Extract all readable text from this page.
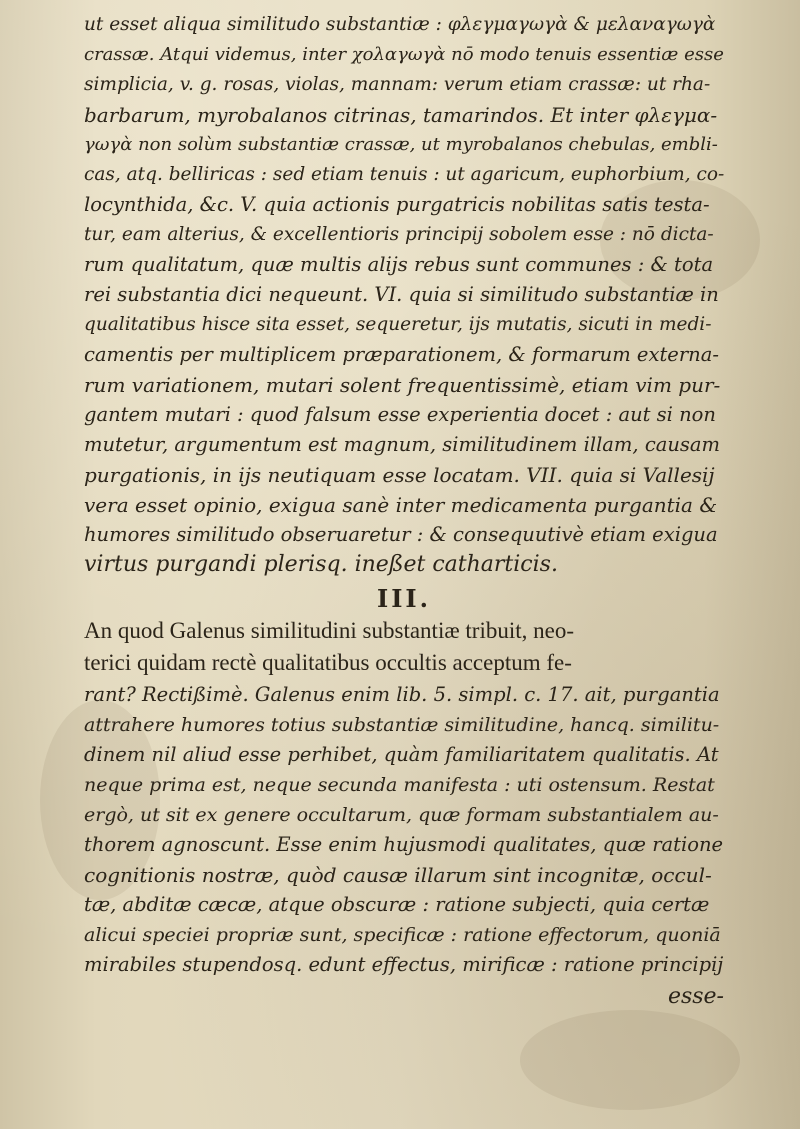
ut esset aliqua similitudo substantiæ : φλεγμαγωγὰ & μελαναγωγὰ
crassæ. Atqui videmus, inter χολαγωγὰ nō modo tenuis essentiæ esse
simplicia, v. g. rosas, violas, mannam: verum etiam crassæ: ut rha-
barbarum, myrobalanos citrinas, tamarindos. Et inter φλεγμα-
γωγὰ non solùm substantiæ crassæ, ut myrobalanos chebulas, embli-
cas, atq. belliricas : sed etiam tenuis : ut agaricum, euphorbium, co-
locynthida, &c. V. quia actionis purgatricis nobilitas satis testa-
tur, eam alterius, & excellentioris principij sobolem esse : nō dicta-
rum qualitatum, quæ multis alijs rebus sunt communes : & tota
rei substantia dici nequeunt. VI. quia si similitudo substantiæ in
qualitatibus hisce sita esset, sequeretur, ijs mutatis, sicuti in medi-
camentis per multiplicem præparationem, & formarum externa-
rum variationem, mutari solent frequentissimè, etiam vim pur-
gantem mutari : quod falsum esse experientia docet : aut si non
mutetur, argumentum est magnum, similitudinem illam, causam
purgationis, in ijs neutiquam esse locatam. VII. quia si Vallesij
vera esset opinio, exigua sanè inter medicamenta purgantia &
humores similitudo obseruaretur : & consequutivè etiam exigua
virtus purgandi plerisq. ineßet catharticis.
III.
An quod Galenus similitudini substantiæ tribuit, neo-
terici quidam rectè qualitatibus occultis acceptum fe-
rant? Rectißimè. Galenus enim lib. 5. simpl. c. 17. ait, purgantia
attrahere humores totius substantiæ similitudine, hancq. similitu-
dinem nil aliud esse perhibet, quàm familiaritatem qualitatis. At
neque prima est, neque secunda manifesta : uti ostensum. Restat
ergò, ut sit ex genere occultarum, quæ formam substantialem au-
thorem agnoscunt. Esse enim hujusmodi qualitates, quæ ratione
cognitionis nostræ, quòd causæ illarum sint incognitæ, occul-
tæ, abditæ cæcæ, atque obscuræ : ratione subjecti, quia certæ
alicui speciei propriæ sunt, specificæ : ratione effectorum, quoniā
mirabiles stupendosq. edunt effectus, mirificæ : ratione principij
esse-
